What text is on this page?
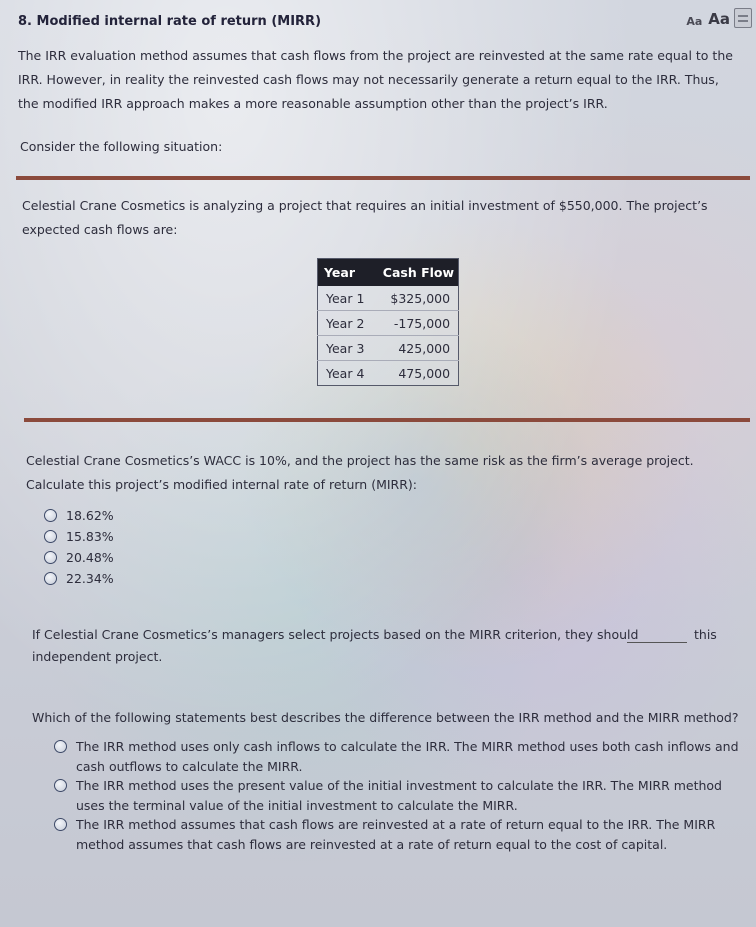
8. Modified internal rate of return (MIRR)	Aa Aa
The IRR evaluation method assumes that cash flows from the project are reinvested at the same rate equal to the IRR. However, in reality the reinvested cash flows may not necessarily generate a return equal to the IRR. Thus, the modified IRR approach makes a more reasonable assumption other than the project’s IRR.
Consider the following situation:
Celestial Crane Cosmetics is analyzing a project that requires an initial investment of $550,000. The project’s expected cash flows are:
Year	Cash Flow
Year 1	$325,000
Year 2	-175,000
Year 3	425,000
Year 4	475,000
Celestial Crane Cosmetics’s WACC is 10%, and the project has the same risk as the firm’s average project. Calculate this project’s modified internal rate of return (MIRR):
18.62%
15.83%
20.48%
22.34%
If Celestial Crane Cosmetics’s managers select projects based on the MIRR criterion, they should
independent project.
this
Which of the following statements best describes the difference between the IRR method and the MIRR method?
The IRR method uses only cash inflows to calculate the IRR. The MIRR method uses both cash inflows and cash outflows to calculate the MIRR.
The IRR method uses the present value of the initial investment to calculate the IRR. The MIRR method uses the terminal value of the initial investment to calculate the MIRR.
The IRR method assumes that cash flows are reinvested at a rate of return equal to the IRR. The MIRR method assumes that cash flows are reinvested at a rate of return equal to the cost of capital.
